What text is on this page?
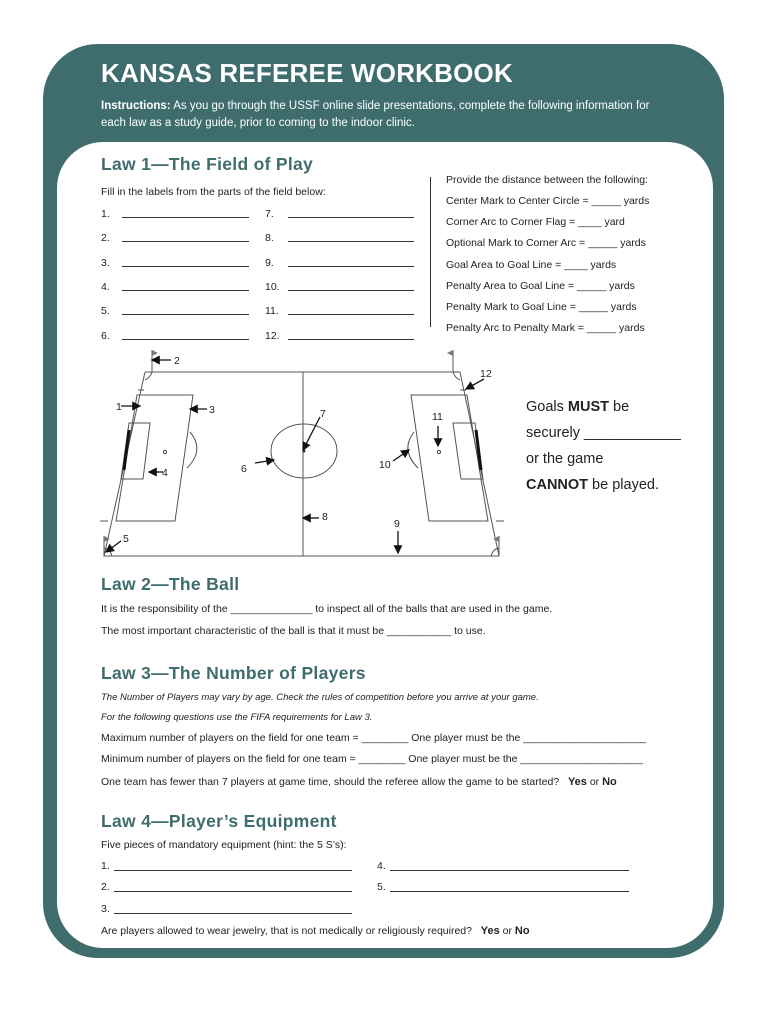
KANSAS REFEREE WORKBOOK
Instructions: As you go through the USSF online slide presentations, complete the following information for each law as a study guide, prior to coming to the indoor clinic.
Law 1—The Field of Play
Fill in the labels from the parts of the field below:
1.
2.
3.
4.
5.
6.
7.
8.
9.
10.
11.
12.
Provide the distance between the following:
Center Mark to Center Circle = _____ yards
Corner Arc to Corner Flag = ____ yard
Optional Mark to Corner Arc = _____ yards
Goal Area to Goal Line = ____ yards
Penalty Area to Goal Line = _____ yards
Penalty Mark to Goal Line = _____ yards
Penalty Arc to Penalty Mark = _____ yards
1
2
3
4
5
6
7
8
9
10
11
12
Goals MUST be
securely ____________
or the game
CANNOT be played.
Law 2—The Ball
It is the responsibility of the ______________ to inspect all of the balls that are used in the game.
The most important characteristic of the ball is that it must be ___________ to use.
Law 3—The Number of Players
The Number of Players may vary by age. Check the rules of competition before you arrive at your game.
For the following questions use the FIFA requirements for Law 3.
Maximum number of players on the field for one team = ________ One player must be the _____________________
Minimum number of players on the field for one team = ________ One player must be the _____________________
One team has fewer than 7 players at game time, should the referee allow the game to be started? Yes or No
Law 4—Player’s Equipment
Five pieces of mandatory equipment (hint: the 5 S’s):
1.
2.
3.
4.
5.
Are players allowed to wear jewelry, that is not medically or religiously required? Yes or No
